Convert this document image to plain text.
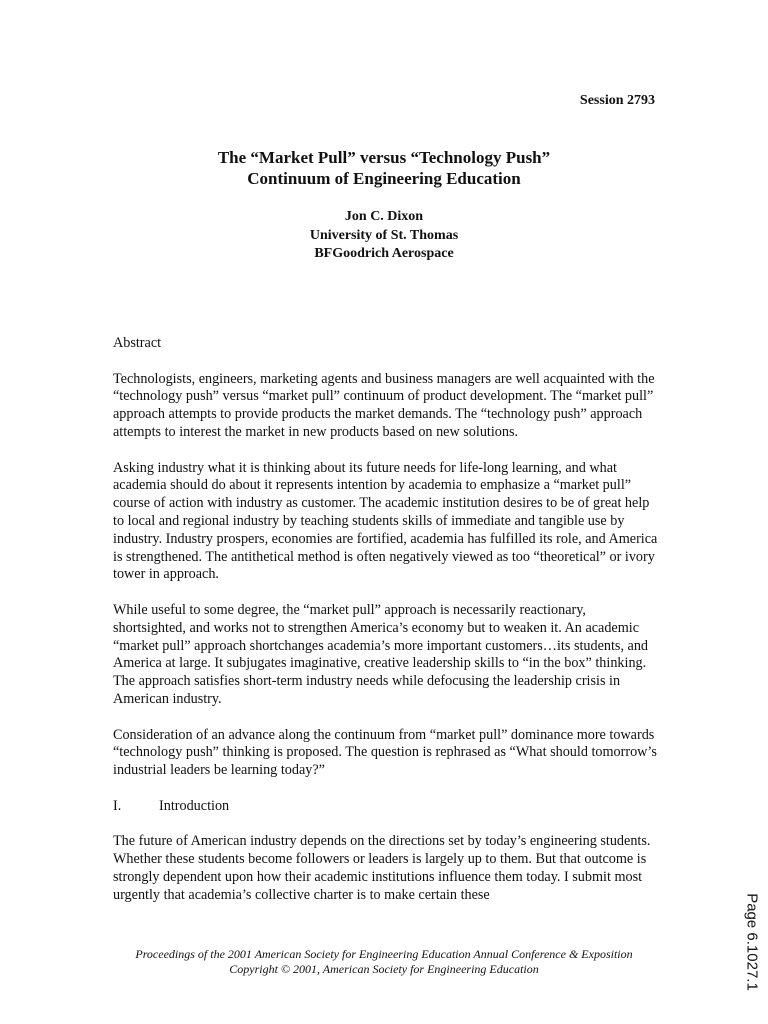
Session 2793
The “Market Pull” versus “Technology Push”
Continuum of Engineering Education
Jon C. Dixon
University of St. Thomas
BFGoodrich Aerospace
Abstract

Technologists, engineers, marketing agents and business managers are well acquainted with the “technology push” versus “market pull” continuum of product development. The “market pull” approach attempts to provide products the market demands. The “technology push” approach attempts to interest the market in new products based on new solutions.

Asking industry what it is thinking about its future needs for life-long learning, and what academia should do about it represents intention by academia to emphasize a “market pull” course of action with industry as customer. The academic institution desires to be of great help to local and regional industry by teaching students skills of immediate and tangible use by industry. Industry prospers, economies are fortified, academia has fulfilled its role, and America is strengthened. The antithetical method is often negatively viewed as too “theoretical” or ivory tower in approach.

While useful to some degree, the “market pull” approach is necessarily reactionary, shortsighted, and works not to strengthen America’s economy but to weaken it. An academic “market pull” approach shortchanges academia’s more important customers…its students, and America at large. It subjugates imaginative, creative leadership skills to “in the box” thinking. The approach satisfies short-term industry needs while defocusing the leadership crisis in American industry.

Consideration of an advance along the continuum from “market pull” dominance more towards “technology push” thinking is proposed. The question is rephrased as “What should tomorrow’s industrial leaders be learning today?”

I.	Introduction

The future of American industry depends on the directions set by today’s engineering students. Whether these students become followers or leaders is largely up to them. But that outcome is strongly dependent upon how their academic institutions influence them today. I submit most urgently that academia’s collective charter is to make certain these

Proceedings of the 2001 American Society for Engineering Education Annual Conference & Exposition
Copyright © 2001, American Society for Engineering Education	Page 6.1027.1
